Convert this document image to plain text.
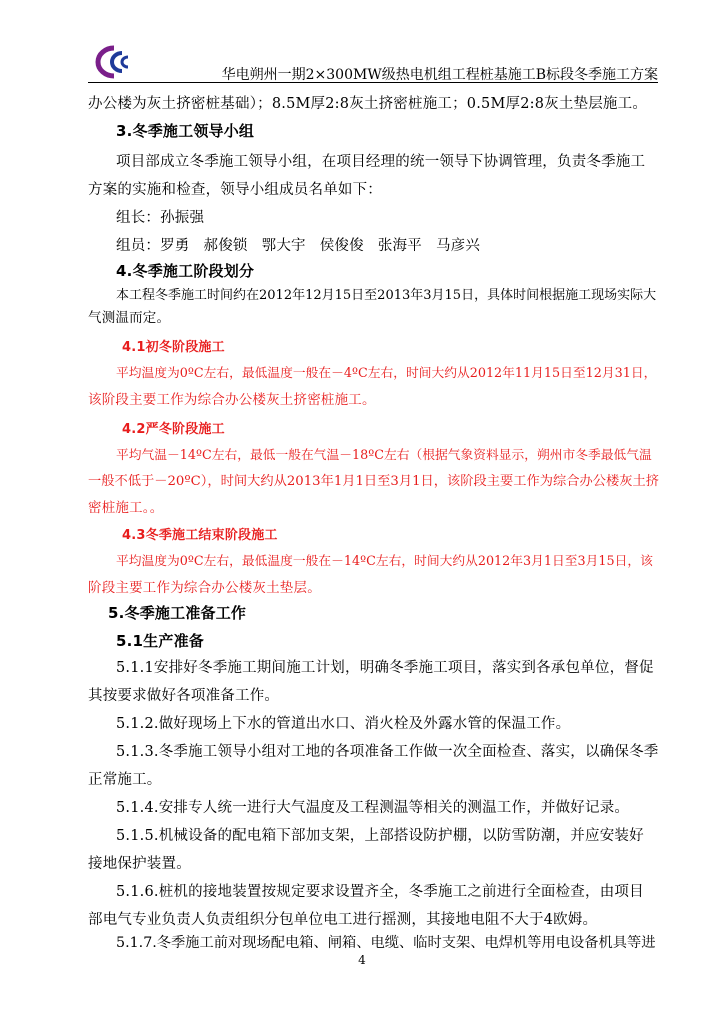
华电朔州一期2×300MW级热电机组工程桩基施工B标段冬季施工方案
办公楼为灰土挤密桩基础）；8.5M厚2:8灰土挤密桩施工；0.5M厚2:8灰土垫层施工。
3.冬季施工领导小组
项目部成立冬季施工领导小组，在项目经理的统一领导下协调管理，负责冬季施工
方案的实施和检查，领导小组成员名单如下：
组长：孙振强
组员：罗勇 郝俊锁 鄂大宇 侯俊俊 张海平 马彦兴
4.冬季施工阶段划分
本工程冬季施工时间约在2012年12月15日至2013年3月15日，具体时间根据施工现场实际大
气测温而定。
4.1初冬阶段施工
平均温度为0ºC左右，最低温度一般在－4ºC左右，时间大约从2012年11月15日至12月31日，
该阶段主要工作为综合办公楼灰土挤密桩施工。
4.2严冬阶段施工
平均气温－14ºC左右，最低一般在气温－18ºC左右（根据气象资料显示，朔州市冬季最低气温
一般不低于－20ºC），时间大约从2013年1月1日至3月1日，该阶段主要工作为综合办公楼灰土挤
密桩施工。。
4.3冬季施工结束阶段施工
平均温度为0ºC左右，最低温度一般在－14ºC左右，时间大约从2012年3月1日至3月15日，该
阶段主要工作为综合办公楼灰土垫层。
5.冬季施工准备工作
5.1生产准备
5.1.1安排好冬季施工期间施工计划，明确冬季施工项目，落实到各承包单位，督促
其按要求做好各项准备工作。
5.1.2.做好现场上下水的管道出水口、消火栓及外露水管的保温工作。
5.1.3.冬季施工领导小组对工地的各项准备工作做一次全面检查、落实，以确保冬季
正常施工。
5.1.4.安排专人统一进行大气温度及工程测温等相关的测温工作，并做好记录。
5.1.5.机械设备的配电箱下部加支架，上部搭设防护棚，以防雪防潮，并应安装好
接地保护装置。
5.1.6.桩机的接地装置按规定要求设置齐全，冬季施工之前进行全面检查，由项目
部电气专业负责人负责组织分包单位电工进行摇测，其接地电阻不大于4欧姆。
5.1.7.冬季施工前对现场配电箱、闸箱、电缆、临时支架、电焊机等用电设备机具等进
4
